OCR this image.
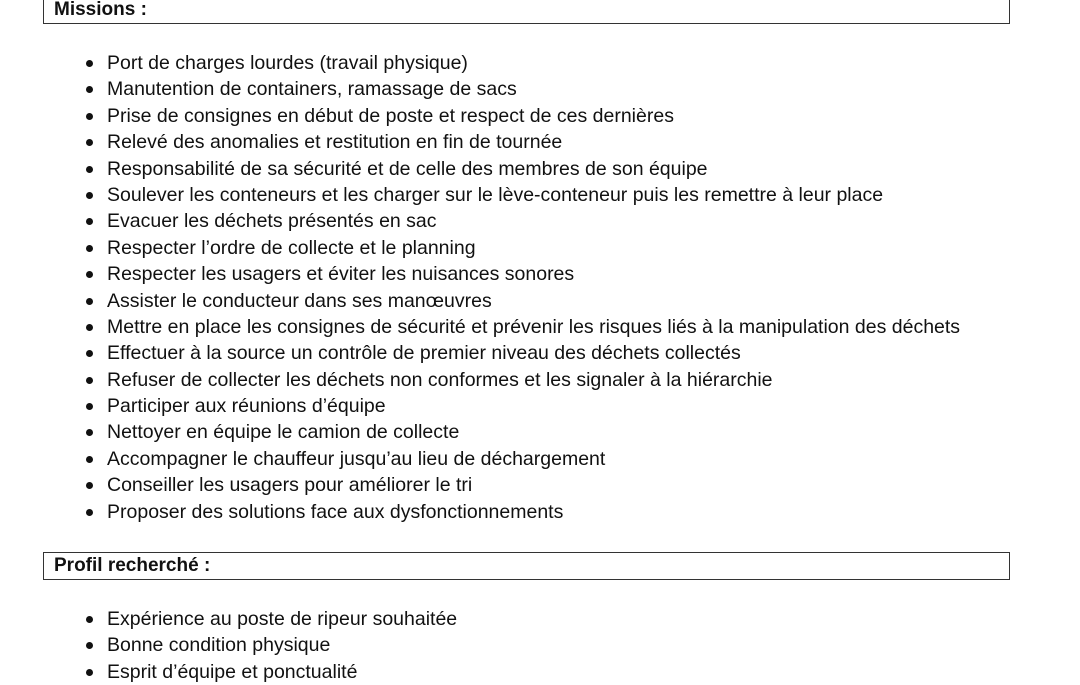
Missions :
Port de charges lourdes (travail physique)
Manutention de containers, ramassage de sacs
Prise de consignes en début de poste et respect de ces dernières
Relevé des anomalies et restitution en fin de tournée
Responsabilité de sa sécurité et de celle des membres de son équipe
Soulever les conteneurs et les charger sur le lève-conteneur puis les remettre à leur place
Evacuer les déchets présentés en sac
Respecter l’ordre de collecte et le planning
Respecter les usagers et éviter les nuisances sonores
Assister le conducteur dans ses manœuvres
Mettre en place les consignes de sécurité et prévenir les risques liés à la manipulation des déchets
Effectuer à la source un contrôle de premier niveau des déchets collectés
Refuser de collecter les déchets non conformes et les signaler à la hiérarchie
Participer aux réunions d’équipe
Nettoyer en équipe le camion de collecte
Accompagner le chauffeur jusqu’au lieu de déchargement
Conseiller les usagers pour améliorer le tri
Proposer des solutions face aux dysfonctionnements
Profil recherché :
Expérience au poste de ripeur souhaitée
Bonne condition physique
Esprit d’équipe et ponctualité
